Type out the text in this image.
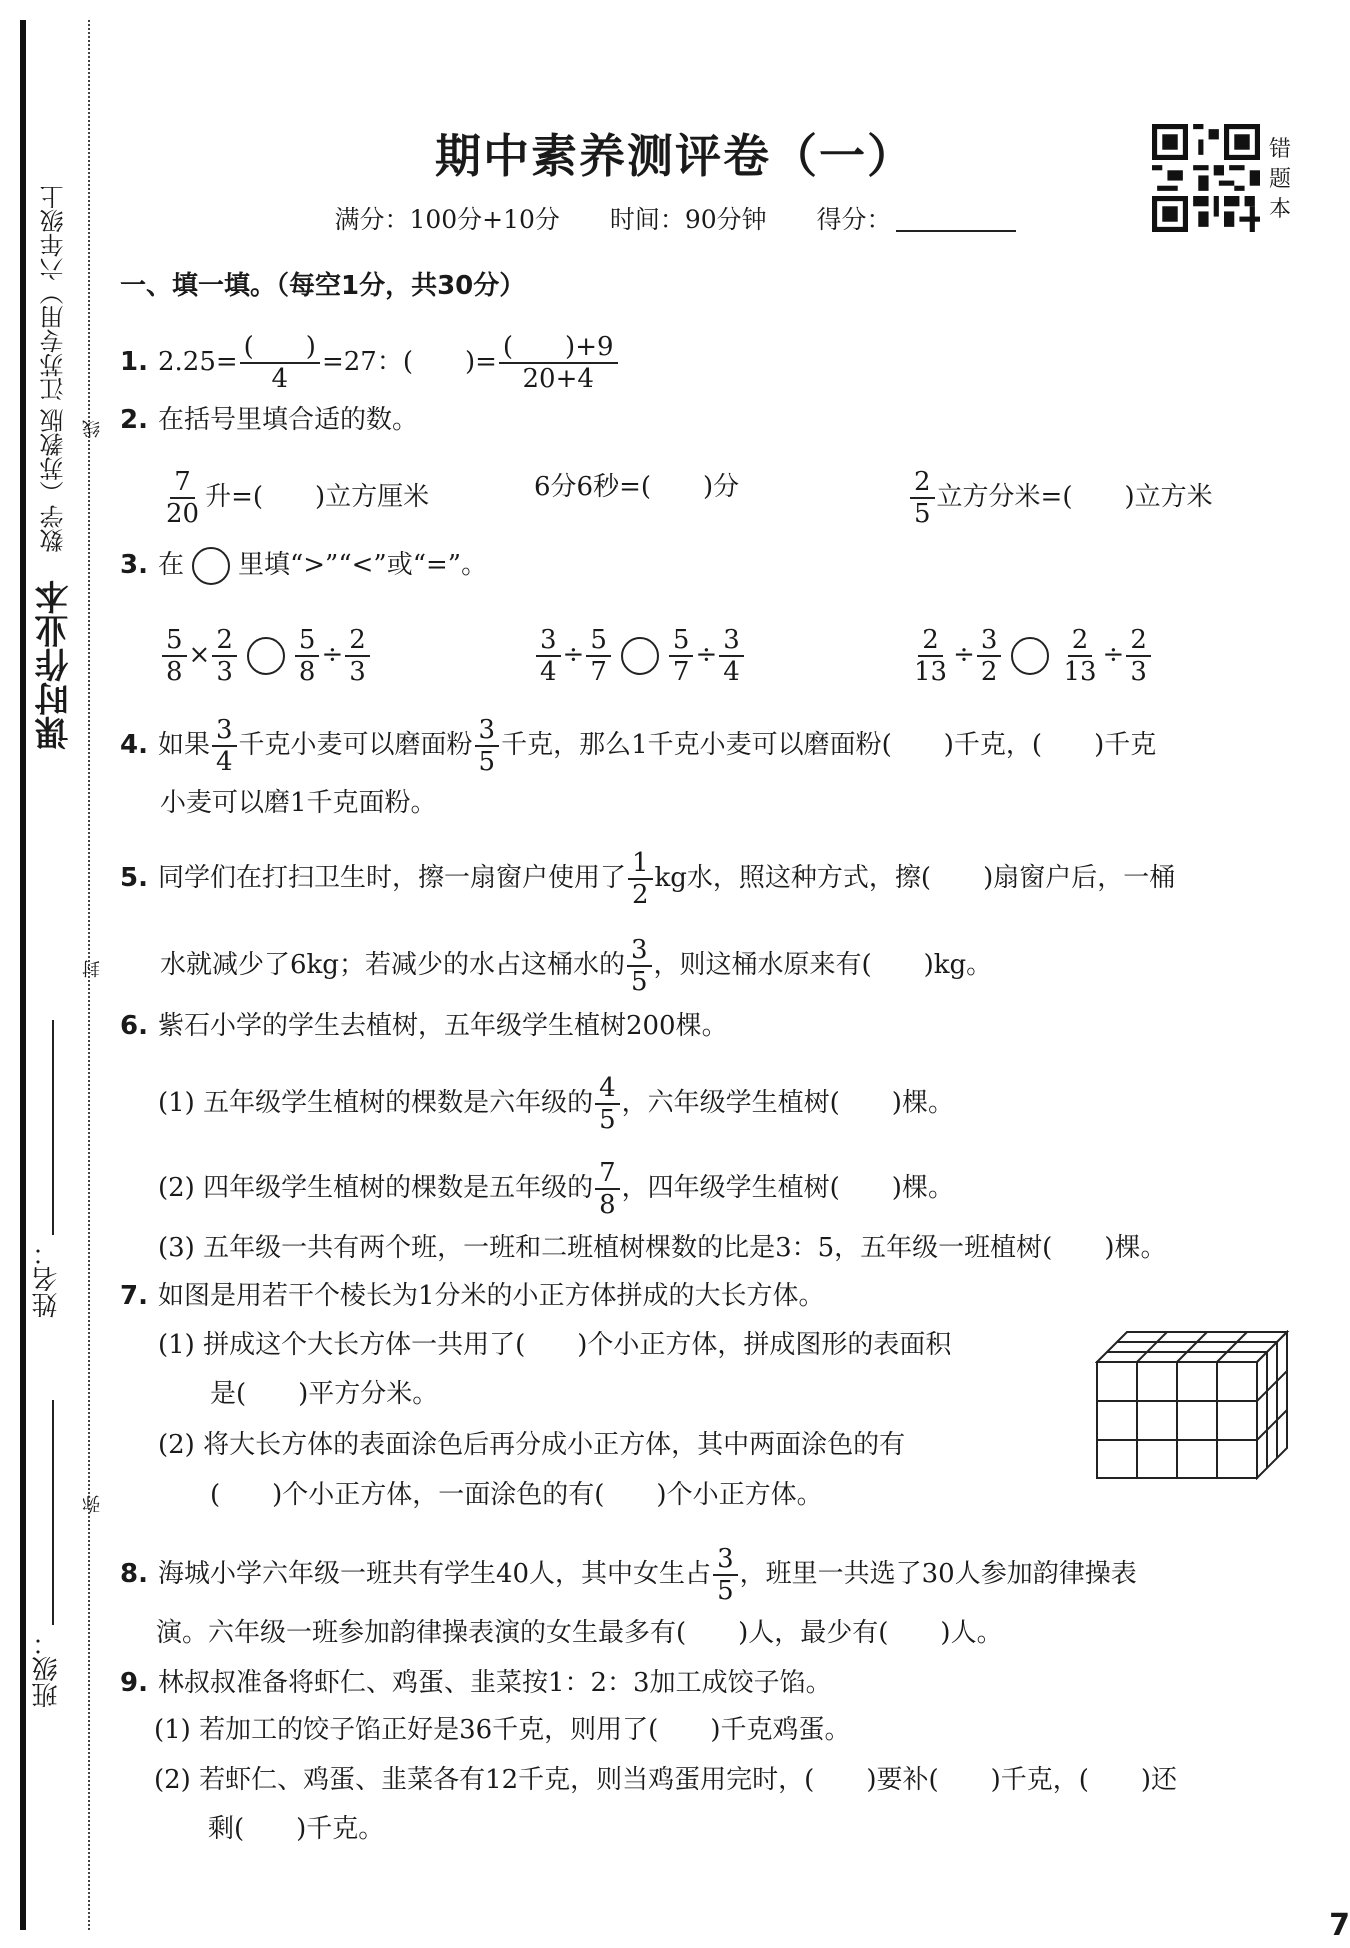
数学（苏教版 江苏专用）六年级上
课时作业本
线
封
弥
姓名：
班级：
期中素养测评卷（一）
满分：100分+10分 时间：90分钟 得分：
错题本
一、填一填。（每空1分，共30分）
1. $2.25= \frac{( )}{4} =27$：(　　)= $\frac{( )+9}{20+4}$
2. 在括号里填合适的数。
$\frac{7}{20}$ 升=(　　)立方厘米	6分6秒=(　　)分	$\frac{2}{5}$ 立方分米=(　　)立方米
3. 在 里填“>”“<”或“=”。
$\frac{5}{8} \times \frac{2}{3} \frac{5}{8} \div \frac{2}{3}$	$\frac{3}{4} \div \frac{5}{7} \frac{5}{7} \div \frac{3}{4}$	$\frac{2}{13} \div \frac{3}{2} \frac{2}{13} \div \frac{2}{3}$
4. 如果 $\frac{3}{4}$ 千克小麦可以磨面粉 $\frac{3}{5}$ 千克，那么1千克小麦可以磨面粉(　　)千克，(　　)千克
小麦可以磨1千克面粉。
5. 同学们在打扫卫生时，擦一扇窗户使用了 $\frac{1}{2}$ kg水，照这种方式，擦(　　)扇窗户后，一桶
水就减少了6kg；若减少的水占这桶水的 $\frac{3}{5}$ ，则这桶水原来有(　　)kg。
6. 紫石小学的学生去植树，五年级学生植树200棵。
(1) 五年级学生植树的棵数是六年级的 $\frac{4}{5}$ ，六年级学生植树(　　)棵。
(2) 四年级学生植树的棵数是五年级的 $\frac{7}{8}$ ，四年级学生植树(　　)棵。
(3) 五年级一共有两个班，一班和二班植树棵数的比是3：5，五年级一班植树(　　)棵。
7. 如图是用若干个棱长为1分米的小正方体拼成的大长方体。
(1) 拼成这个大长方体一共用了(　　)个小正方体，拼成图形的表面积
是(　　)平方分米。
(2) 将大长方体的表面涂色后再分成小正方体，其中两面涂色的有
(　　)个小正方体，一面涂色的有(　　)个小正方体。
8. 海城小学六年级一班共有学生40人，其中女生占 $\frac{3}{5}$ ，班里一共选了30人参加韵律操表
演。六年级一班参加韵律操表演的女生最多有(　　)人，最少有(　　)人。
9. 林叔叔准备将虾仁、鸡蛋、韭菜按1：2：3加工成饺子馅。
(1) 若加工的饺子馅正好是36千克，则用了(　　)千克鸡蛋。
(2) 若虾仁、鸡蛋、韭菜各有12千克，则当鸡蛋用完时，(　　)要补(　　)千克，(　　)还
剩(　　)千克。
7
